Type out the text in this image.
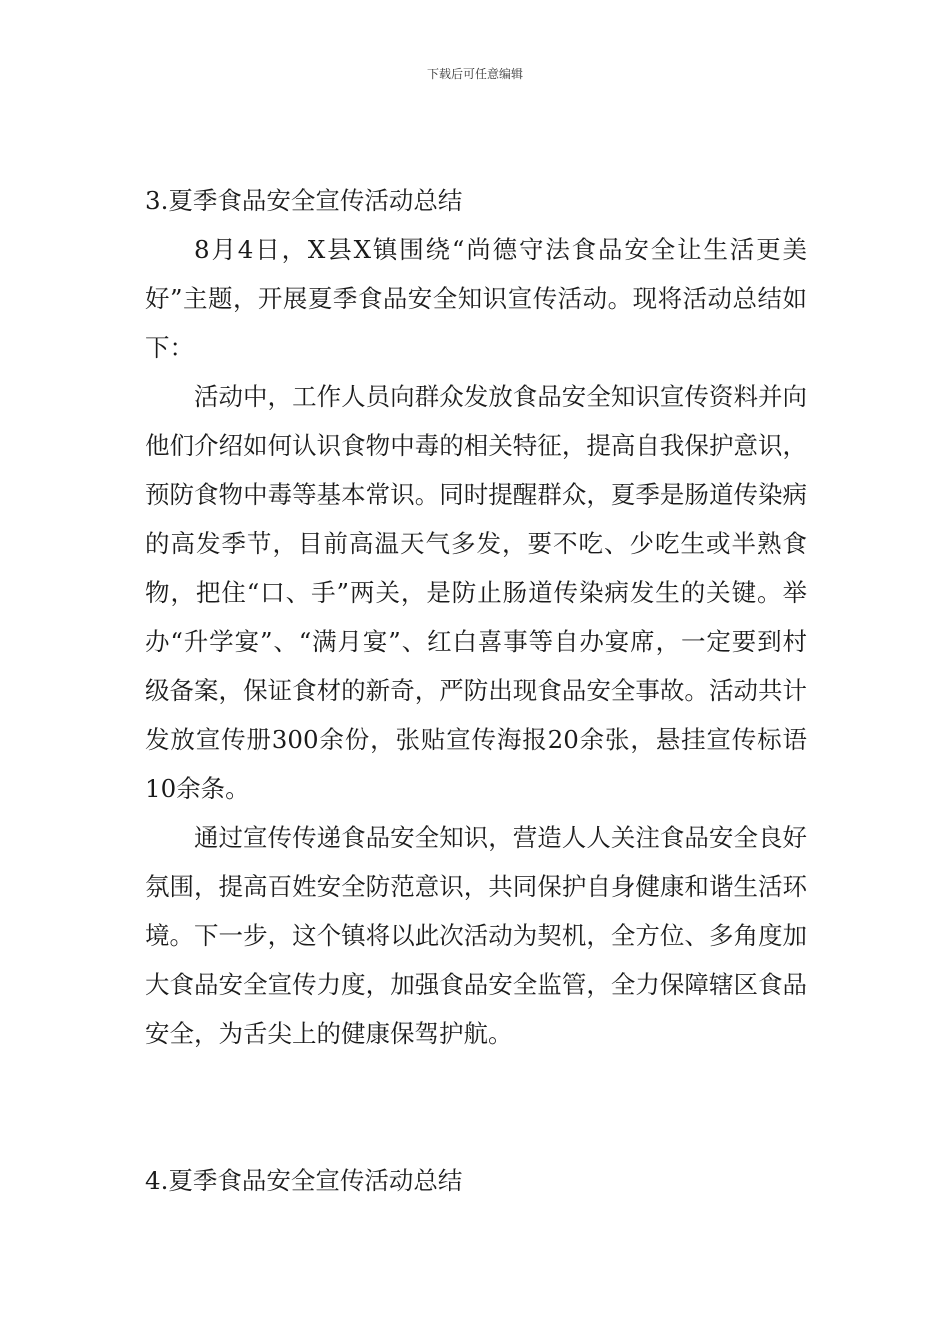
下载后可任意编辑
3.夏季食品安全宣传活动总结

8月4日，X县X镇围绕“尚德守法食品安全让生活更美好”主题，开展夏季食品安全知识宣传活动。现将活动总结如下：

活动中，工作人员向群众发放食品安全知识宣传资料并向他们介绍如何认识食物中毒的相关特征，提高自我保护意识，预防食物中毒等基本常识。同时提醒群众，夏季是肠道传染病的高发季节，目前高温天气多发，要不吃、少吃生或半熟食物，把住“口、手”两关，是防止肠道传染病发生的关键。举办“升学宴”、“满月宴”、红白喜事等自办宴席，一定要到村级备案，保证食材的新奇，严防出现食品安全事故。活动共计发放宣传册300余份，张贴宣传海报20余张，悬挂宣传标语10余条。

通过宣传传递食品安全知识，营造人人关注食品安全良好氛围，提高百姓安全防范意识，共同保护自身健康和谐生活环境。下一步，这个镇将以此次活动为契机，全方位、多角度加大食品安全宣传力度，加强食品安全监管，全力保障辖区食品安全，为舌尖上的健康保驾护航。

4.夏季食品安全宣传活动总结
